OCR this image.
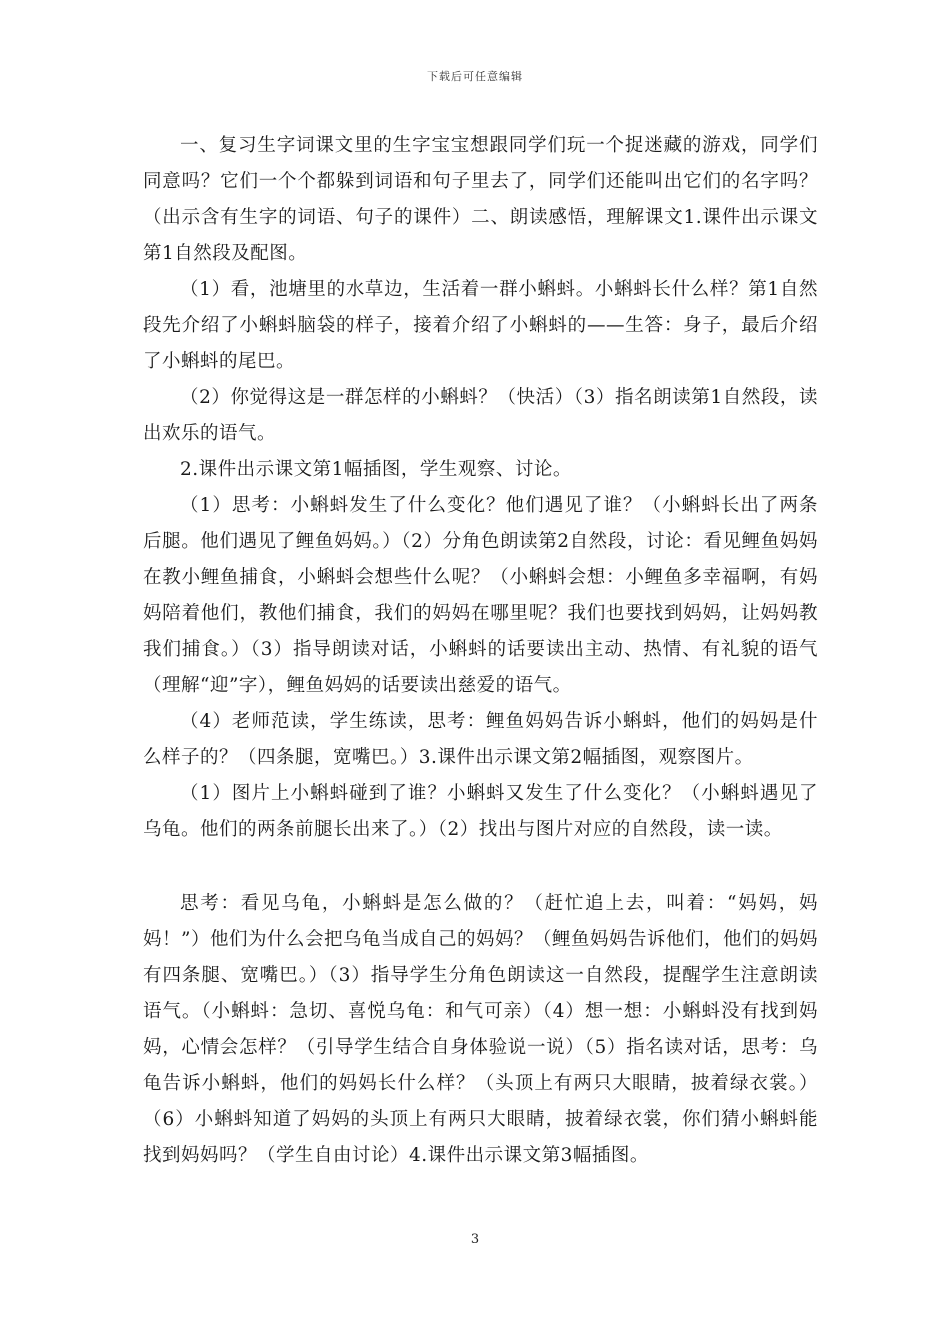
下载后可任意编辑

一、复习生字词课文里的生字宝宝想跟同学们玩一个捉迷藏的游戏，同学们同意吗？它们一个个都躲到词语和句子里去了，同学们还能叫出它们的名字吗？（出示含有生字的词语、句子的课件）二、朗读感悟，理解课文1.课件出示课文第1自然段及配图。

（1）看，池塘里的水草边，生活着一群小蝌蚪。小蝌蚪长什么样？第1自然段先介绍了小蝌蚪脑袋的样子，接着介绍了小蝌蚪的——生答：身子，最后介绍了小蝌蚪的尾巴。

（2）你觉得这是一群怎样的小蝌蚪？（快活）（3）指名朗读第1自然段，读出欢乐的语气。

2.课件出示课文第1幅插图，学生观察、讨论。

（1）思考：小蝌蚪发生了什么变化？他们遇见了谁？（小蝌蚪长出了两条后腿。他们遇见了鲤鱼妈妈。）（2）分角色朗读第2自然段，讨论：看见鲤鱼妈妈在教小鲤鱼捕食，小蝌蚪会想些什么呢？（小蝌蚪会想：小鲤鱼多幸福啊，有妈妈陪着他们，教他们捕食，我们的妈妈在哪里呢？我们也要找到妈妈，让妈妈教我们捕食。）（3）指导朗读对话，小蝌蚪的话要读出主动、热情、有礼貌的语气（理解“迎”字），鲤鱼妈妈的话要读出慈爱的语气。

（4）老师范读，学生练读，思考：鲤鱼妈妈告诉小蝌蚪，他们的妈妈是什么样子的？（四条腿，宽嘴巴。）3.课件出示课文第2幅插图，观察图片。

（1）图片上小蝌蚪碰到了谁？小蝌蚪又发生了什么变化？（小蝌蚪遇见了乌龟。他们的两条前腿长出来了。）（2）找出与图片对应的自然段，读一读。

思考：看见乌龟，小蝌蚪是怎么做的？（赶忙追上去，叫着：“妈妈，妈妈！”）他们为什么会把乌龟当成自己的妈妈？（鲤鱼妈妈告诉他们，他们的妈妈有四条腿、宽嘴巴。）（3）指导学生分角色朗读这一自然段，提醒学生注意朗读语气。（小蝌蚪：急切、喜悦乌龟：和气可亲）（4）想一想：小蝌蚪没有找到妈妈，心情会怎样？（引导学生结合自身体验说一说）（5）指名读对话，思考：乌龟告诉小蝌蚪，他们的妈妈长什么样？（头顶上有两只大眼睛，披着绿衣裳。）（6）小蝌蚪知道了妈妈的头顶上有两只大眼睛，披着绿衣裳，你们猜小蝌蚪能找到妈妈吗？（学生自由讨论）4.课件出示课文第3幅插图。

3
